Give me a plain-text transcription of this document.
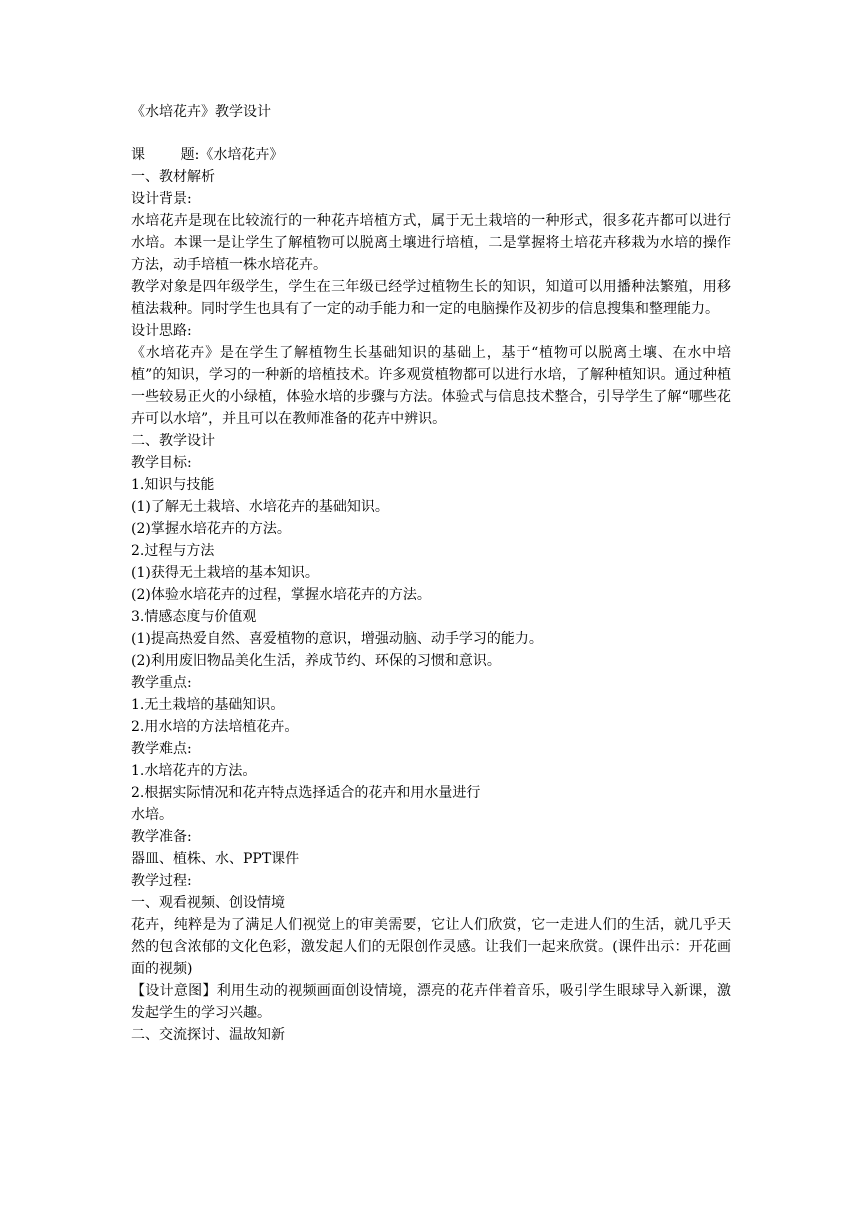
《水培花卉》教学设计
课        题:《水培花卉》
一、教材解析
设计背景:
水培花卉是现在比较流行的一种花卉培植方式，属于无土栽培的一种形式，很多花卉都可以进行水培。本课一是让学生了解植物可以脱离土壤进行培植，二是掌握将土培花卉移栽为水培的操作方法，动手培植一株水培花卉。
教学对象是四年级学生，学生在三年级已经学过植物生长的知识，知道可以用播种法繁殖，用移植法栽种。同时学生也具有了一定的动手能力和一定的电脑操作及初步的信息搜集和整理能力。
设计思路:
《水培花卉》是在学生了解植物生长基础知识的基础上，基于“植物可以脱离土壤、在水中培植”的知识，学习的一种新的培植技术。许多观赏植物都可以进行水培，了解种植知识。通过种植一些较易正火的小绿植，体验水培的步骤与方法。体验式与信息技术整合，引导学生了解“哪些花卉可以水培”，并且可以在教师准备的花卉中辨识。
二、教学设计
教学目标:
1.知识与技能
(1)了解无土栽培、水培花卉的基础知识。
(2)掌握水培花卉的方法。
2.过程与方法
(1)获得无土栽培的基本知识。
(2)体验水培花卉的过程，掌握水培花卉的方法。
3.情感态度与价值观
(1)提高热爱自然、喜爱植物的意识，增强动脑、动手学习的能力。
(2)利用废旧物品美化生活，养成节约、环保的习惯和意识。
教学重点:
1.无土栽培的基础知识。
2.用水培的方法培植花卉。
教学难点:
1.水培花卉的方法。
2.根据实际情况和花卉特点选择适合的花卉和用水量进行
水培。
教学准备:
器皿、植株、水、PPT课件
教学过程:
一、观看视频、创设情境
花卉，纯粹是为了满足人们视觉上的审美需要，它让人们欣赏，它一走进人们的生活，就几乎天然的包含浓郁的文化色彩，激发起人们的无限创作灵感。让我们一起来欣赏。(课件出示：开花画面的视频)
【设计意图】利用生动的视频画面创设情境，漂亮的花卉伴着音乐，吸引学生眼球导入新课，激发起学生的学习兴趣。
二、交流探讨、温故知新
